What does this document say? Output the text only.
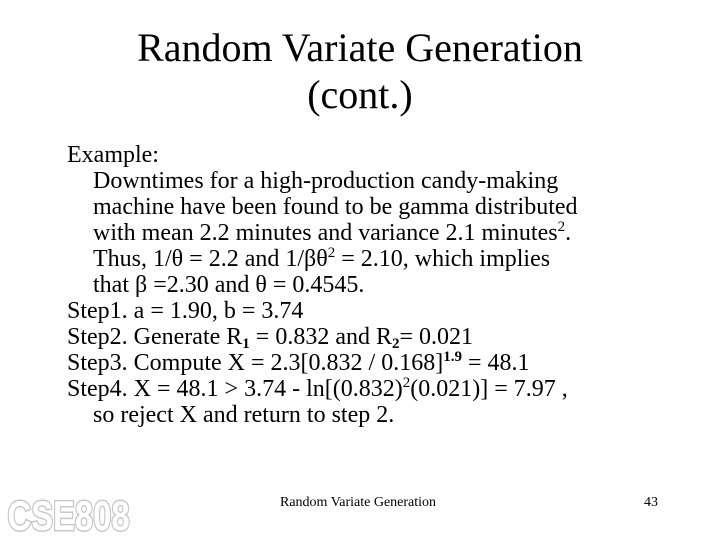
Random Variate Generation
(cont.)
Example:
Downtimes for a high-production candy-making
machine have been found to be gamma distributed
with mean 2.2 minutes and variance 2.1 minutes$^2$.
Thus, 1/θ = 2.2 and $1/\beta\theta^2 = 2.10$, which implies
that β =2.30 and θ = 0.4545.
Step1. a = 1.90, b = 3.74
Step2. Generate $R_1 = 0.832$ and $R_2= 0.021$
Step3. Compute X = 2.3[0.832 / 0.168]$^{1.9}$ = 48.1
Step4. $X = 48.1 > 3.74 - \ln[(0.832)^2(0.021)] = 7.97$ ,
so reject X and return to step 2.
CSE808	Random Variate Generation	43
